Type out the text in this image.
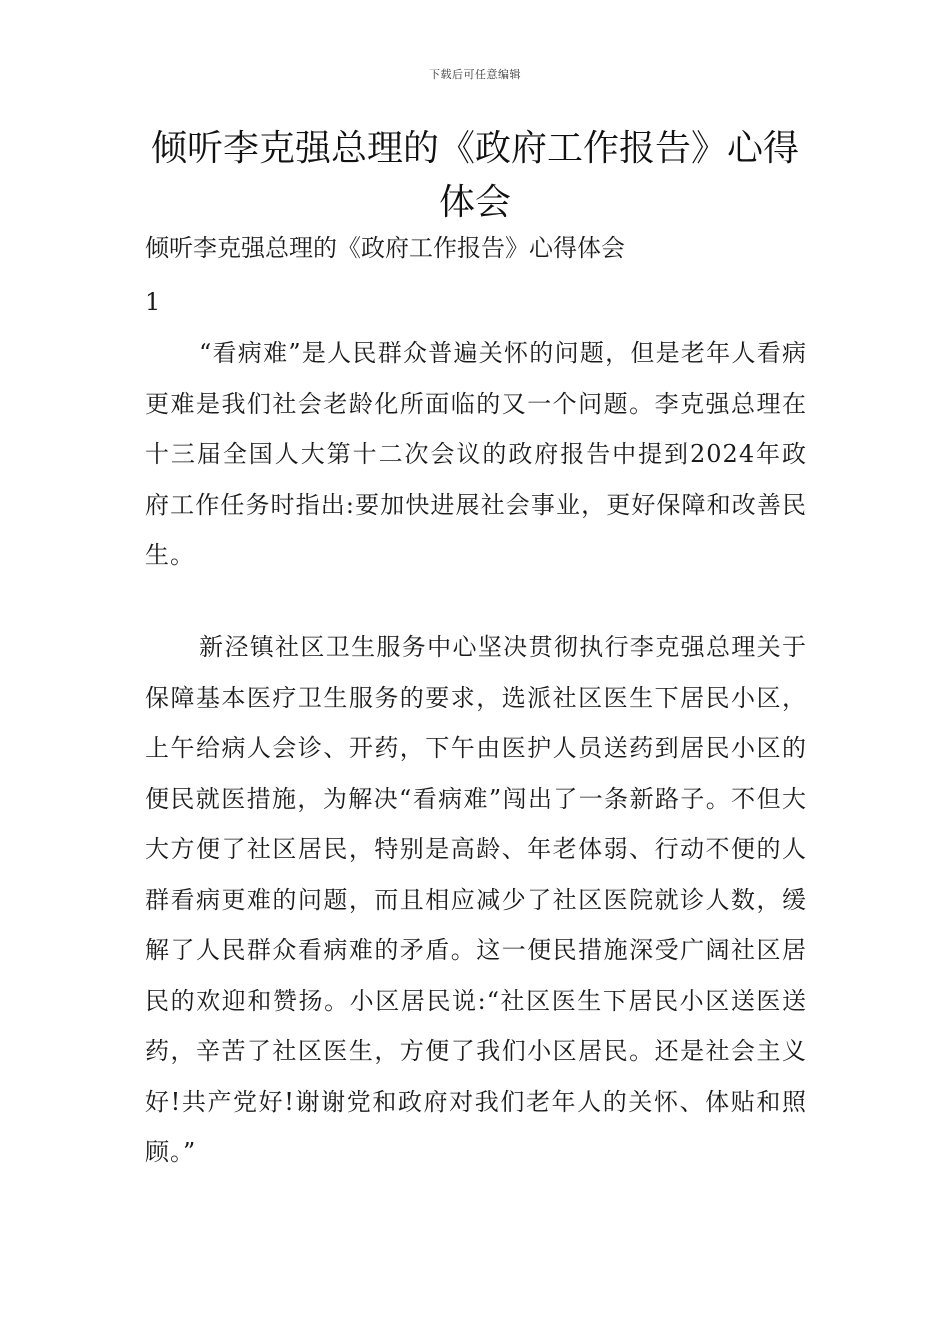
下载后可任意编辑
倾听李克强总理的《政府工作报告》心得体会

倾听李克强总理的《政府工作报告》心得体会

1

“看病难”是人民群众普遍关怀的问题，但是老年人看病更难是我们社会老龄化所面临的又一个问题。李克强总理在十三届全国人大第十二次会议的政府报告中提到2024年政府工作任务时指出:要加快进展社会事业，更好保障和改善民生。

新泾镇社区卫生服务中心坚决贯彻执行李克强总理关于保障基本医疗卫生服务的要求，选派社区医生下居民小区，上午给病人会诊、开药，下午由医护人员送药到居民小区的便民就医措施，为解决“看病难”闯出了一条新路子。不但大大方便了社区居民，特别是高龄、年老体弱、行动不便的人群看病更难的问题，而且相应减少了社区医院就诊人数，缓解了人民群众看病难的矛盾。这一便民措施深受广阔社区居民的欢迎和赞扬。小区居民说:“社区医生下居民小区送医送药，辛苦了社区医生，方便了我们小区居民。还是社会主义好!共产党好!谢谢党和政府对我们老年人的关怀、体贴和照顾。”
